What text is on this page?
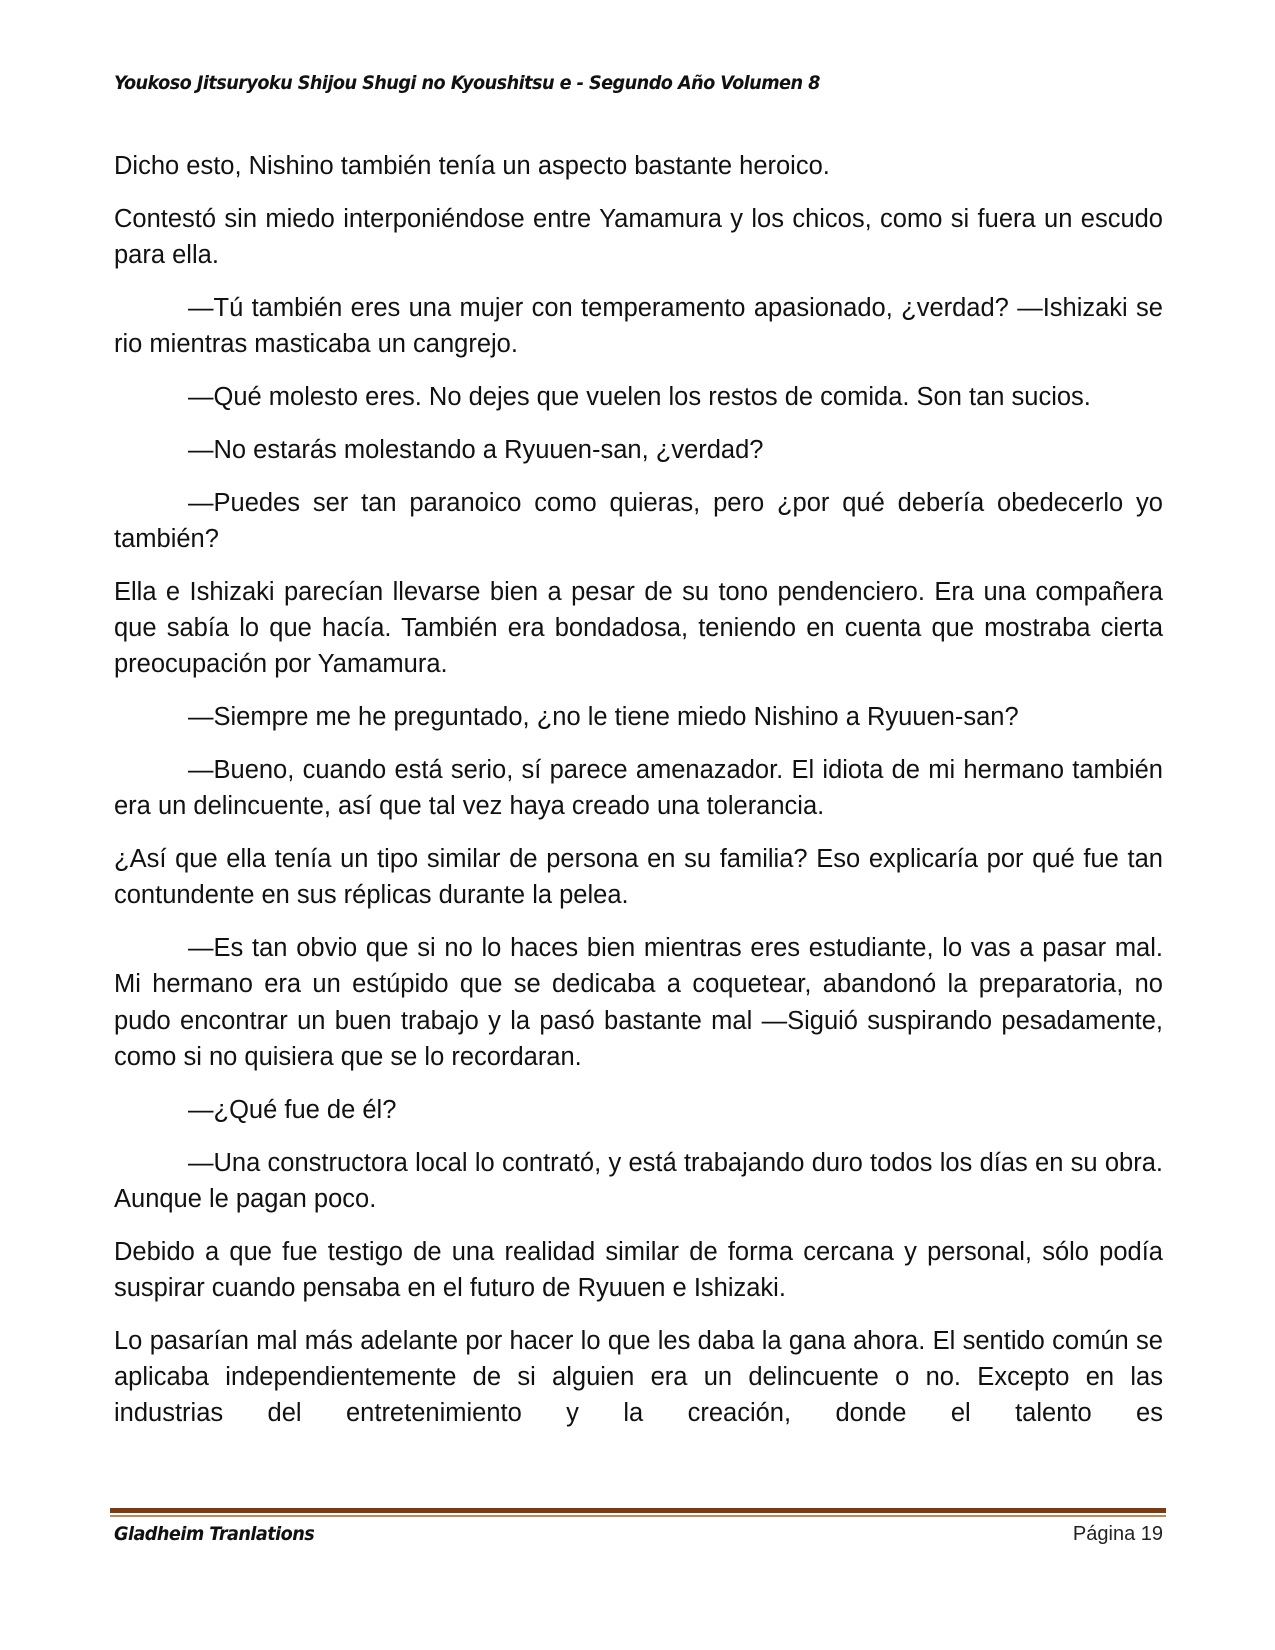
Youkoso Jitsuryoku Shijou Shugi no Kyoushitsu e - Segundo Año Volumen 8

Dicho esto, Nishino también tenía un aspecto bastante heroico.

Contestó sin miedo interponiéndose entre Yamamura y los chicos, como si fuera un escudo para ella.

—Tú también eres una mujer con temperamento apasionado, ¿verdad? —Ishizaki se rio mientras masticaba un cangrejo.

—Qué molesto eres. No dejes que vuelen los restos de comida. Son tan sucios.

—No estarás molestando a Ryuuen-san, ¿verdad?

—Puedes ser tan paranoico como quieras, pero ¿por qué debería obedecerlo yo también?

Ella e Ishizaki parecían llevarse bien a pesar de su tono pendenciero. Era una compañera que sabía lo que hacía. También era bondadosa, teniendo en cuenta que mostraba cierta preocupación por Yamamura.

—Siempre me he preguntado, ¿no le tiene miedo Nishino a Ryuuen-san?

—Bueno, cuando está serio, sí parece amenazador. El idiota de mi hermano también era un delincuente, así que tal vez haya creado una tolerancia.

¿Así que ella tenía un tipo similar de persona en su familia? Eso explicaría por qué fue tan contundente en sus réplicas durante la pelea.

—Es tan obvio que si no lo haces bien mientras eres estudiante, lo vas a pasar mal. Mi hermano era un estúpido que se dedicaba a coquetear, abandonó la preparatoria, no pudo encontrar un buen trabajo y la pasó bastante mal —Siguió suspirando pesadamente, como si no quisiera que se lo recordaran.

—¿Qué fue de él?

—Una constructora local lo contrató, y está trabajando duro todos los días en su obra. Aunque le pagan poco.

Debido a que fue testigo de una realidad similar de forma cercana y personal, sólo podía suspirar cuando pensaba en el futuro de Ryuuen e Ishizaki.

Lo pasarían mal más adelante por hacer lo que les daba la gana ahora. El sentido común se aplicaba independientemente de si alguien era un delincuente o no. Excepto en las industrias del entretenimiento y la creación, donde el talento es

Gladheim Tranlations	Página 19
